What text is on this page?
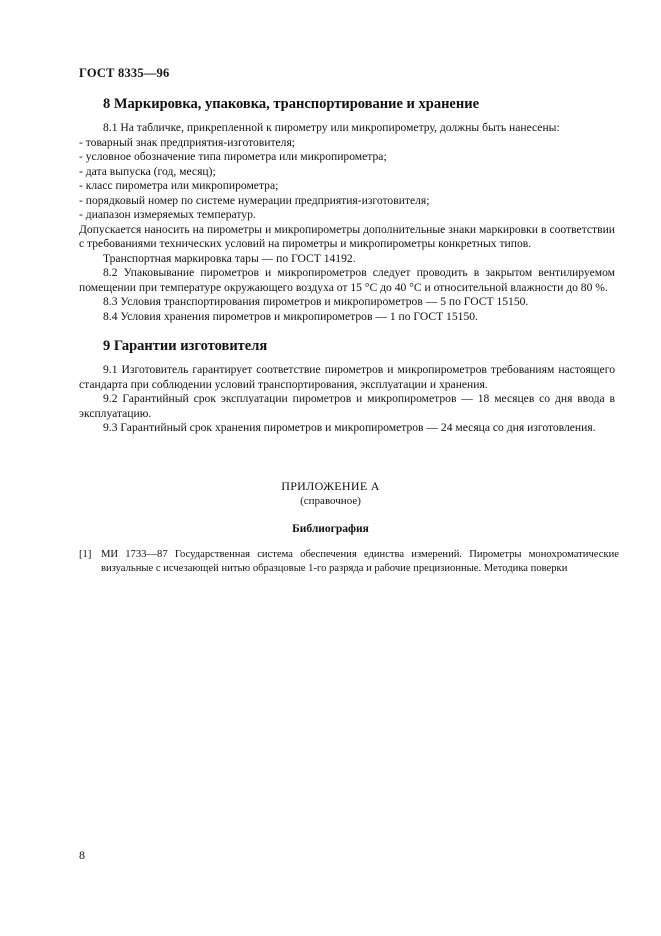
ГОСТ 8335—96
8 Маркировка, упаковка, транспортирование и хранение

8.1 На табличке, прикрепленной к пирометру или микропирометру, должны быть нанесены:

- товарный знак предприятия-изготовителя;

- условное обозначение типа пирометра или микропирометра;

- дата выпуска (год, месяц);

- класс пирометра или микропирометра;

- порядковый номер по системе нумерации предприятия-изготовителя;

- диапазон измеряемых температур.

Допускается наносить на пирометры и микропирометры дополнительные знаки маркировки в соответствии с требованиями технических условий на пирометры и микропирометры конкретных типов.

Транспортная маркировка тары — по ГОСТ 14192.

8.2 Упаковывание пирометров и микропирометров следует проводить в закрытом вентилируемом помещении при температуре окружающего воздуха от 15 °С до 40 °С и относительной влажности до 80 %.

8.3 Условия транспортирования пирометров и микропирометров — 5 по ГОСТ 15150.

8.4 Условия хранения пирометров и микропирометров — 1 по ГОСТ 15150.

9 Гарантии изготовителя

9.1 Изготовитель гарантирует соответствие пирометров и микропирометров требованиям настоящего стандарта при соблюдении условий транспортирования, эксплуатации и хранения.

9.2 Гарантийный срок эксплуатации пирометров и микропирометров — 18 месяцев со дня ввода в эксплуатацию.

9.3 Гарантийный срок хранения пирометров и микропирометров — 24 месяца со дня изготовления.

ПРИЛОЖЕНИЕ А
(справочное)
Библиография
[1] МИ 1733—87 Государственная система обеспечения единства измерений. Пирометры монохроматические визуальные с исчезающей нитью образцовые 1-го разряда и рабочие прецизионные. Методика поверки
8
